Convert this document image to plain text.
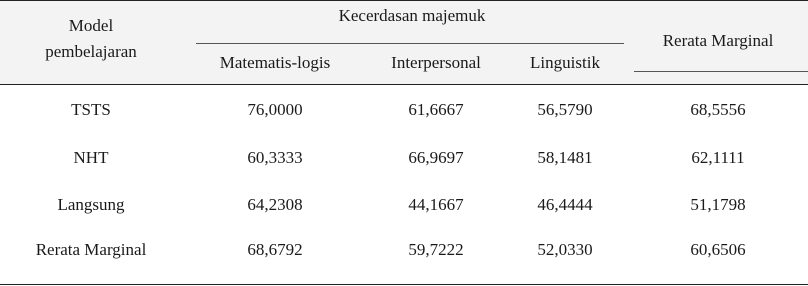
Model
pembelajaran
Kecerdasan majemuk
Matematis-logis	Interpersonal	Linguistik
Rerata Marginal
TSTS	76,0000	61,6667	56,5790	68,5556
NHT	60,3333	66,9697	58,1481	62,1111
Langsung	64,2308	44,1667	46,4444	51,1798
Rerata Marginal	68,6792	59,7222	52,0330	60,6506
